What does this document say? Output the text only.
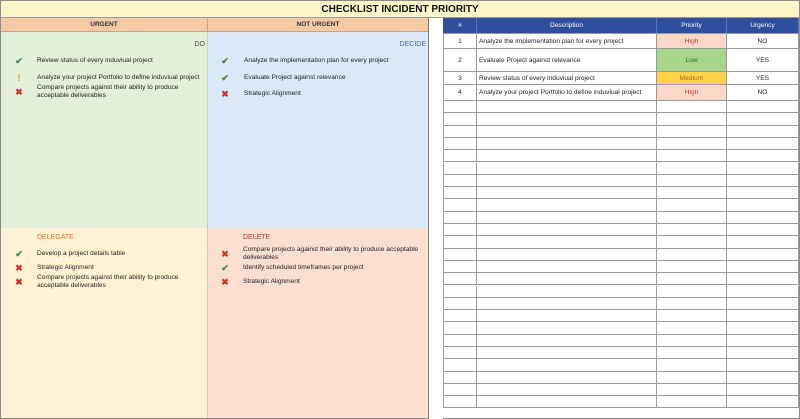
CHECKLIST INCIDENT PRIORITY
URGENT	NOT URGENT
DO
✔ Review status of every induviual project
!	Analyze your project Portfolio to define induviual project
✖ Compare projects against their ability to produce acceptable deliverables
DECIDE
✔ Analyze the implementation plan for every project
✔ Evaluate Project against relevance
✖ Strategic Alignment
DELEGATE
✔ Develop a project details table
✖ Strategic Alignment
✖ Compare projects against their ability to produce acceptable deliverables
DELETE
✖ Compare projects against their ability to produce acceptable deliverables
✔ Identify scheduled timeframes per project
✖ Strategic Alignment
#	Description	Priority	Urgency
1	Analyze the implementation plan for every project	High	NO
2	Evaluate Project against relevance	Low	YES
3	Review status of every induviual project	Medium	YES
4	Analyze your project Portfolio to define induviual project	High	NO
